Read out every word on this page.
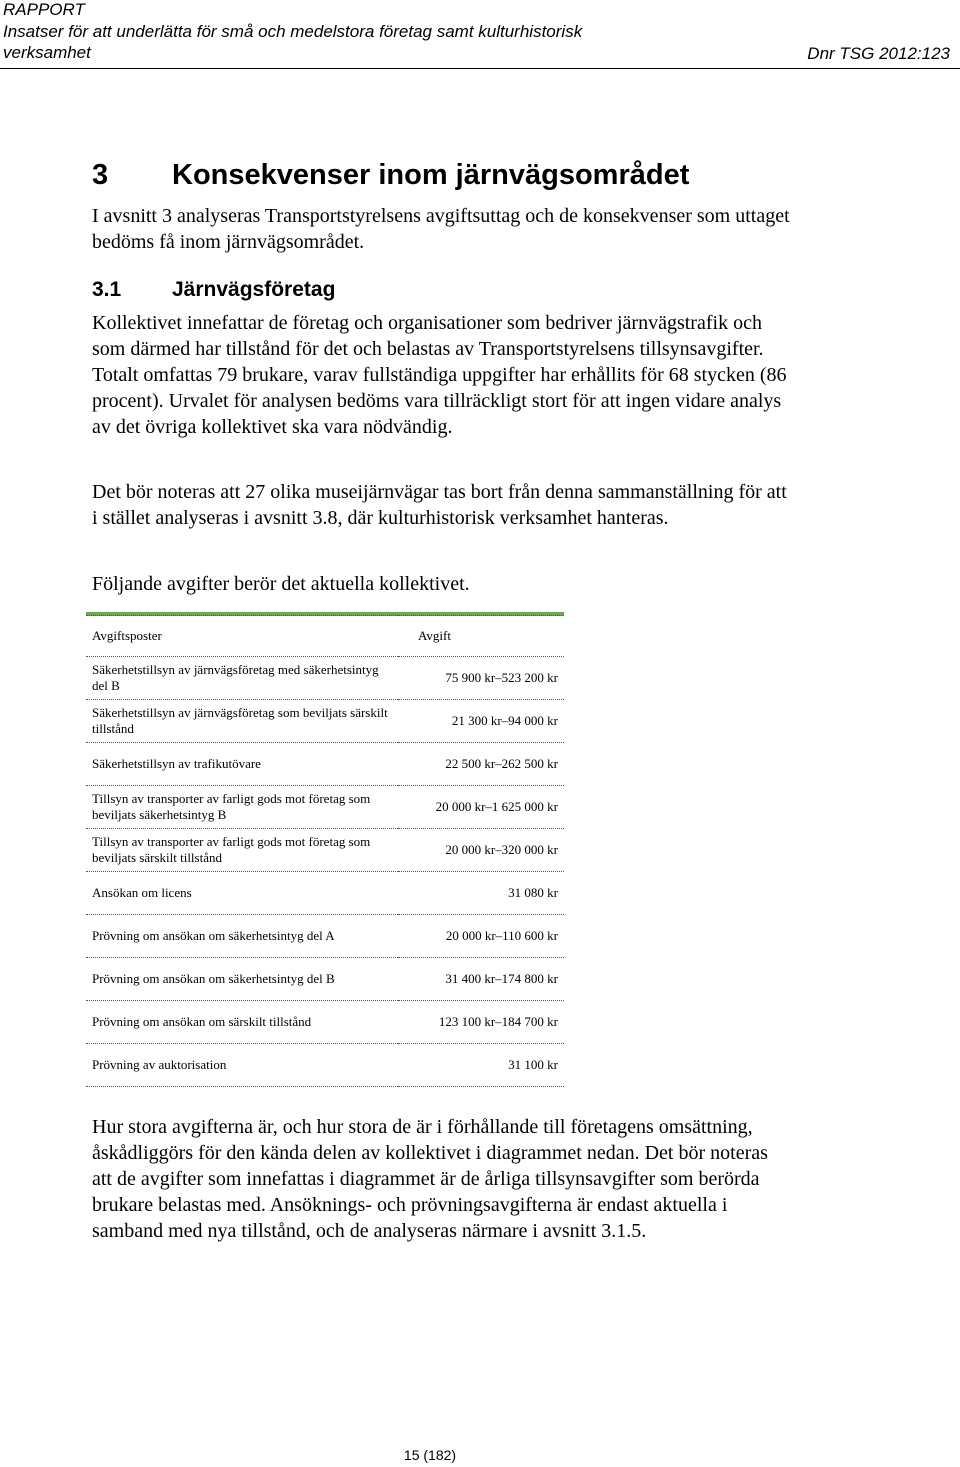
RAPPORT
Insatser för att underlätta för små och medelstora företag samt kulturhistorisk
verksamhet	Dnr TSG 2012:123
3 Konsekvenser inom järnvägsområdet

I avsnitt 3 analyseras Transportstyrelsens avgiftsuttag och de konsekvenser som uttaget bedöms få inom järnvägsområdet.

3.1 Järnvägsföretag

Kollektivet innefattar de företag och organisationer som bedriver järnvägstrafik och som därmed har tillstånd för det och belastas av Transportstyrelsens tillsynsavgifter. Totalt omfattas 79 brukare, varav fullständiga uppgifter har erhållits för 68 stycken (86 procent). Urvalet för analysen bedöms vara tillräckligt stort för att ingen vidare analys av det övriga kollektivet ska vara nödvändig.

Det bör noteras att 27 olika museijärnvägar tas bort från denna sammanställning för att i stället analyseras i avsnitt 3.8, där kulturhistorisk verksamhet hanteras.

Följande avgifter berör det aktuella kollektivet.

Avgiftsposter	Avgift
Säkerhetstillsyn av järnvägsföretag med säkerhetsintyg del B	75 900 kr–523 200 kr
Säkerhetstillsyn av järnvägsföretag som beviljats särskilt tillstånd	21 300 kr–94 000 kr
Säkerhetstillsyn av trafikutövare	22 500 kr–262 500 kr
Tillsyn av transporter av farligt gods mot företag som beviljats säkerhetsintyg B	20 000 kr–1 625 000 kr
Tillsyn av transporter av farligt gods mot företag som beviljats särskilt tillstånd	20 000 kr–320 000 kr
Ansökan om licens	31 080 kr
Prövning om ansökan om säkerhetsintyg del A	20 000 kr–110 600 kr
Prövning om ansökan om säkerhetsintyg del B	31 400 kr–174 800 kr
Prövning om ansökan om särskilt tillstånd	123 100 kr–184 700 kr
Prövning av auktorisation	31 100 kr

Hur stora avgifterna är, och hur stora de är i förhållande till företagens omsättning, åskådliggörs för den kända delen av kollektivet i diagrammet nedan. Det bör noteras att de avgifter som innefattas i diagrammet är de årliga tillsynsavgifter som berörda brukare belastas med. Ansöknings- och prövningsavgifterna är endast aktuella i samband med nya tillstånd, och de analyseras närmare i avsnitt 3.1.5.

15 (182)
